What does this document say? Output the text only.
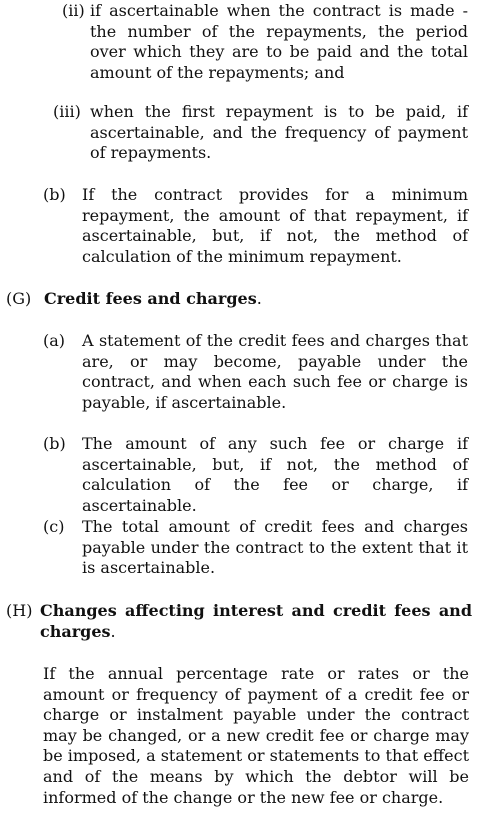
(ii) if ascertainable when the contract is made - the number of the repayments, the period over which they are to be paid and the total amount of the repayments; and
(iii) when the first repayment is to be paid, if ascertainable, and the frequency of payment of repayments.
(b) If the contract provides for a minimum repayment, the amount of that repayment, if ascertainable, but, if not, the method of calculation of the minimum repayment.
(G) Credit fees and charges.
(a) A statement of the credit fees and charges that are, or may become, payable under the contract, and when each such fee or charge is payable, if ascertainable.
(b) The amount of any such fee or charge if ascertainable, but, if not, the method of calculation of the fee or charge, if ascertainable.
(c) The total amount of credit fees and charges payable under the contract to the extent that it is ascertainable.
(H) Changes affecting interest and credit fees and charges.
If the annual percentage rate or rates or the amount or frequency of payment of a credit fee or charge or instalment payable under the contract may be changed, or a new credit fee or charge may be imposed, a statement or statements to that effect and of the means by which the debtor will be informed of the change or the new fee or charge.
